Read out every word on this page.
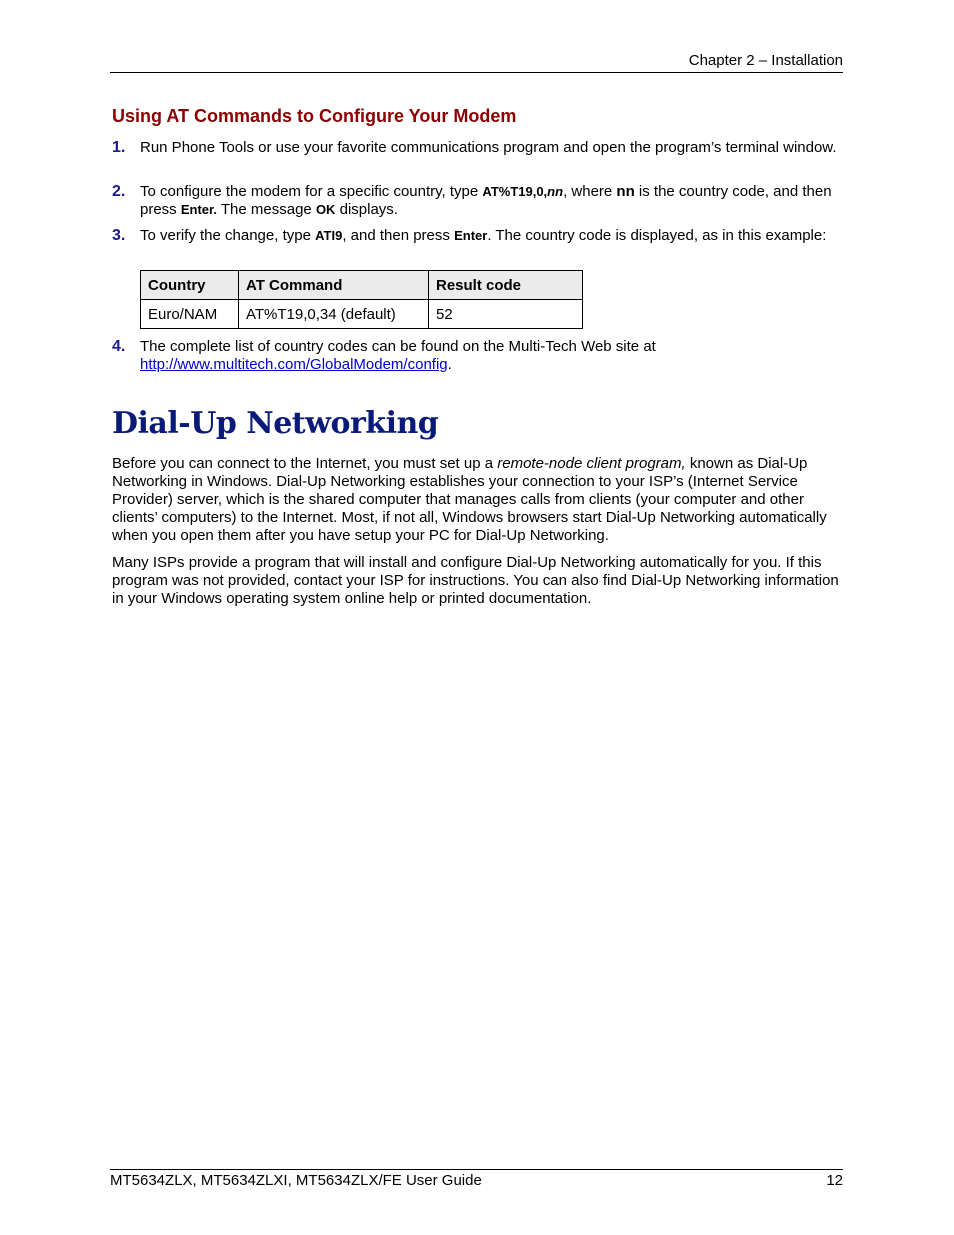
Chapter 2 – Installation
Using AT Commands to Configure Your Modem
1. Run Phone Tools or use your favorite communications program and open the program’s terminal window.
2. To configure the modem for a specific country, type AT%T19,0,nn, where nn is the country code, and then press Enter. The message OK displays.
3. To verify the change, type ATI9, and then press Enter. The country code is displayed, as in this example:
Country	AT Command	Result code
Euro/NAM	AT%T19,0,34 (default)	52
4. The complete list of country codes can be found on the Multi-Tech Web site at
http://www.multitech.com/GlobalModem/config.
Dial-Up Networking
Before you can connect to the Internet, you must set up a remote-node client program, known as Dial-Up Networking in Windows. Dial-Up Networking establishes your connection to your ISP’s (Internet Service Provider) server, which is the shared computer that manages calls from clients (your computer and other clients’ computers) to the Internet. Most, if not all, Windows browsers start Dial-Up Networking automatically when you open them after you have setup your PC for Dial-Up Networking.
Many ISPs provide a program that will install and configure Dial-Up Networking automatically for you. If this program was not provided, contact your ISP for instructions. You can also find Dial-Up Networking information in your Windows operating system online help or printed documentation.
MT5634ZLX, MT5634ZLXI, MT5634ZLX/FE User Guide	12
